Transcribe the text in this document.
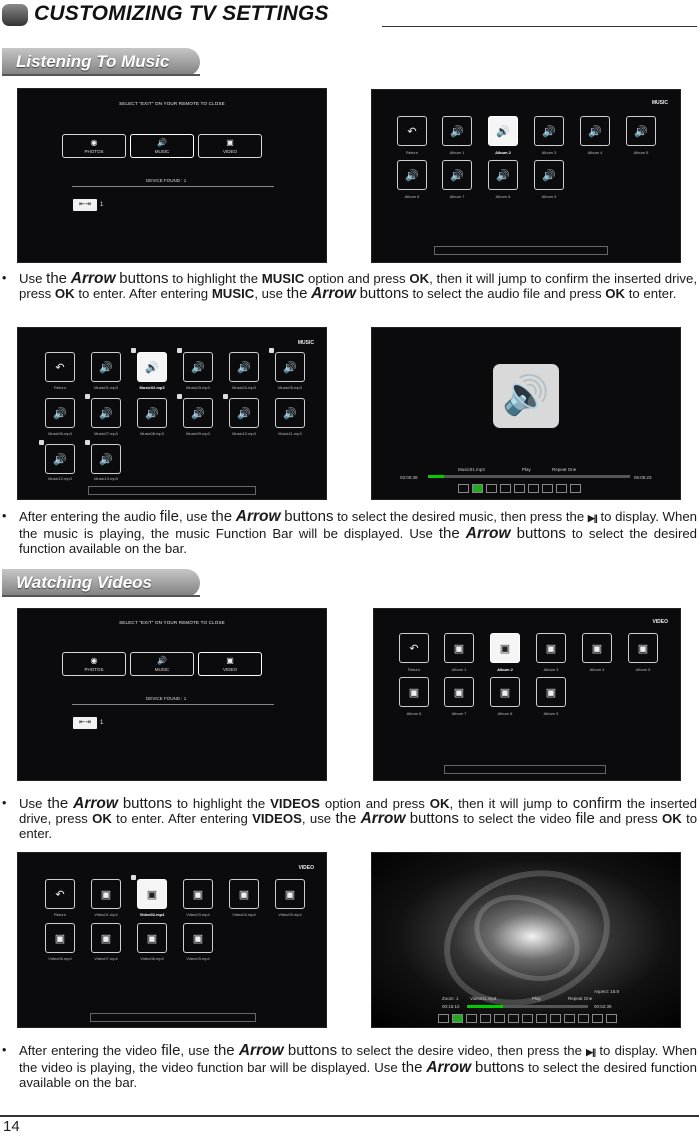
CUSTOMIZING TV SETTINGS
Listening To Music
SELECT "EXIT" ON YOUR REMOTE TO CLOSE
◉
PHOTOS
🔊
MUSIC
▣
VIDEO
DEVICE FOUND : 1
⇤⇥	1
MUSIC
↶	🔊	🔊	🔊	🔊	🔊
Return	Album 1	Album 2	Album 3	Album 4	Album 5
🔊	🔊	🔊	🔊
Album 6	Album 7	Album 8	Album 9
• Use the Arrow buttons to highlight the MUSIC option and press OK, then it will jump to confirm the inserted drive, press OK to enter. After entering MUSIC, use the Arrow buttons to select the audio file and press OK to enter.
MUSIC
↶	🔊	🔊	🔊	🔊	🔊
Return	Music01.mp3	Music02.mp3	Music03.mp3	Music04.mp3	Music05.mp3
🔊	🔊	🔊	🔊	🔊	🔊
Music06.mp3	Music07.mp3	Music08.mp3	Music09.mp3	Music10.mp3	Music11.mp3
🔊	🔊
Music12.mp3	Music13.mp3
🔊
Music01.mp3	Play	Repeat One
03:00:38	06:05:23
• After entering the audio file, use the Arrow buttons to select the desired music, then press the ▶|| to display. When the music is playing, the music Function Bar will be displayed. Use the Arrow buttons to select the desired function available on the bar.
Watching Videos
SELECT "EXIT" ON YOUR REMOTE TO CLOSE
◉
PHOTOS
🔊
MUSIC
▣
VIDEO
DEVICE FOUND : 1
⇤⇥	1
VIDEO
↶	▣	▣	▣	▣	▣
Return	Album 1	Album 2	Album 3	Album 4	Album 5
▣	▣	▣	▣
Album 6	Album 7	Album 8	Album 9
• Use the Arrow buttons to highlight the VIDEOS option and press OK, then it will jump to confirm the inserted drive, press OK to enter. After entering VIDEOS, use the Arrow buttons to select the video file and press OK to enter.
VIDEO
↶	▣	▣	▣	▣	▣
Return	Video01.mp4	Video02.mp4	Video03.mp4	Video04.mp4	Video05.mp4
▣	▣	▣	▣
Video06.mp4	Video07.mp4	Video08.mp4	Video09.mp4
Aspect: 16:9
Zoom: 1	Video01.mp4	Play	Repeat One
00:16:10	00:52:39
• After entering the video file, use the Arrow buttons to select the desire video, then press the ▶|| to display. When the video is playing, the video function bar will be displayed. Use the Arrow buttons to select the desired function available on the bar.
14
